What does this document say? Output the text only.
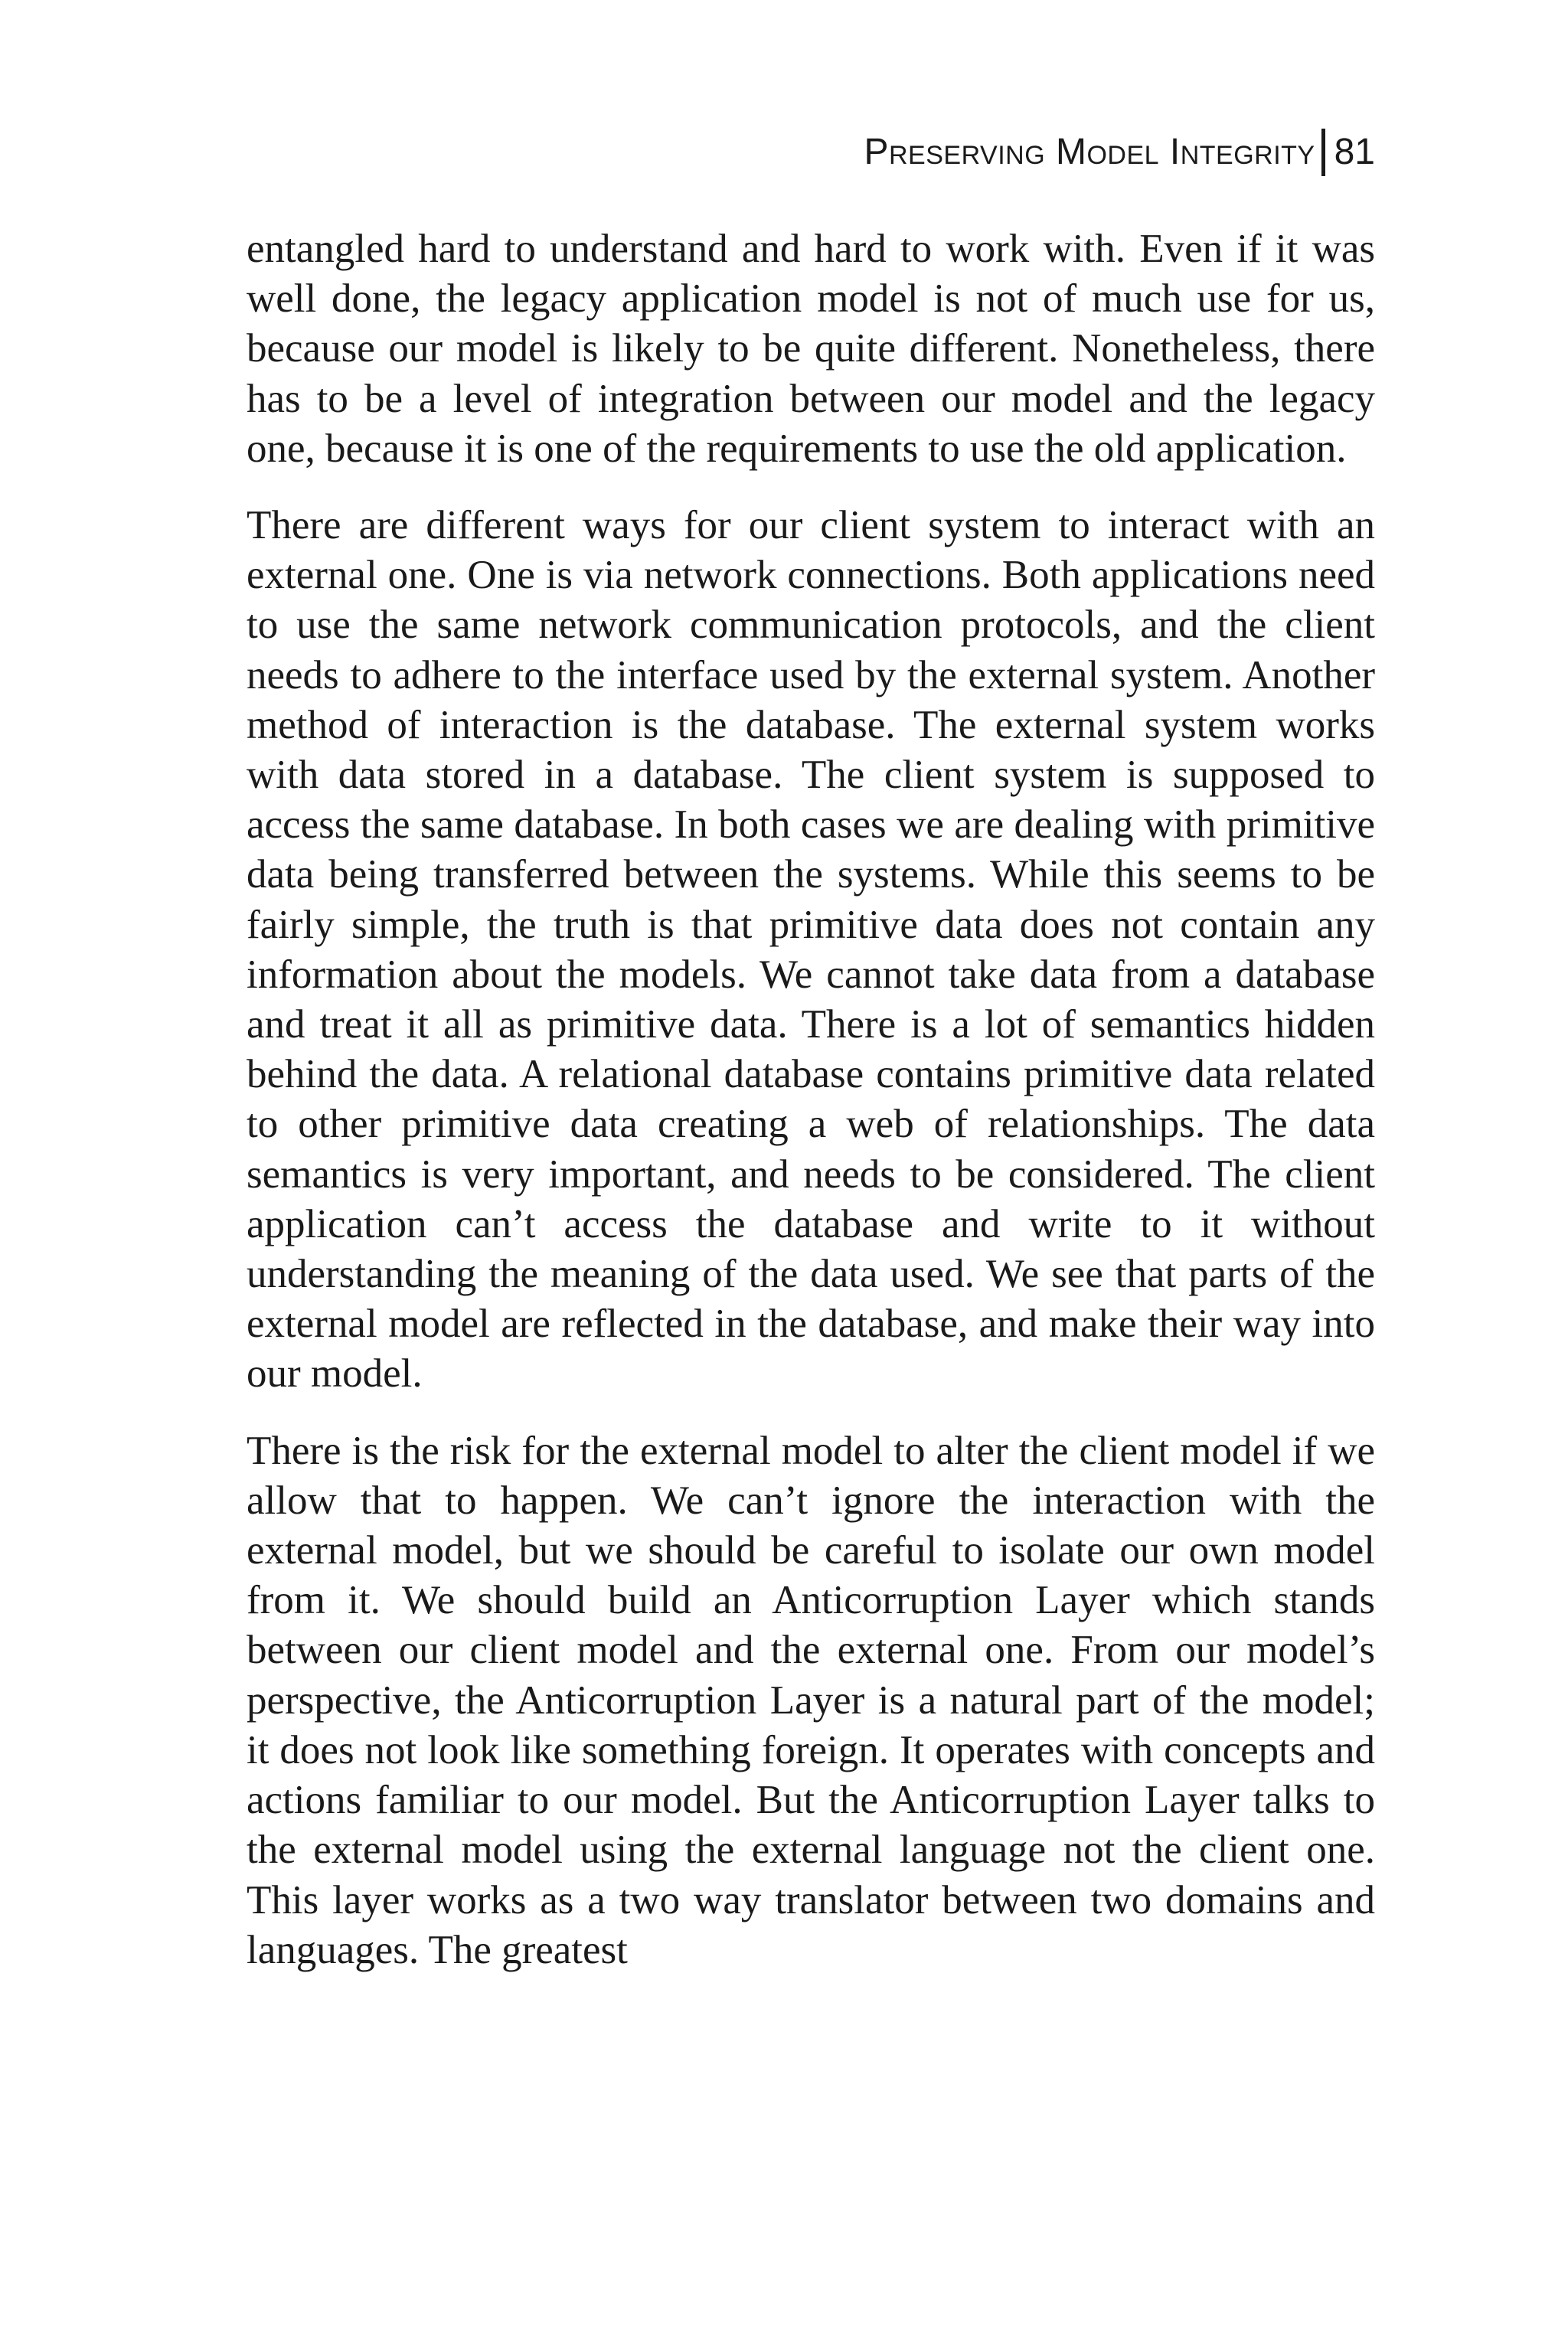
Preserving Model Integrity 81

entangled hard to understand and hard to work with. Even if it was well done, the legacy application model is not of much use for us, because our model is likely to be quite different. Nonetheless, there has to be a level of integration between our model and the legacy one, because it is one of the requirements to use the old application.

There are different ways for our client system to interact with an external one. One is via network connections. Both applications need to use the same network communication protocols, and the client needs to adhere to the interface used by the external system. Another method of interaction is the database. The external system works with data stored in a database. The client system is supposed to access the same database. In both cases we are dealing with primitive data being transferred between the systems. While this seems to be fairly simple, the truth is that primitive data does not contain any information about the models. We cannot take data from a database and treat it all as primitive data. There is a lot of semantics hidden behind the data. A relational database contains primitive data related to other primitive data creating a web of relationships. The data semantics is very important, and needs to be considered. The client application can’t access the database and write to it without understanding the meaning of the data used. We see that parts of the external model are reflected in the database, and make their way into our model.

There is the risk for the external model to alter the client model if we allow that to happen. We can’t ignore the interaction with the external model, but we should be careful to isolate our own model from it. We should build an Anticorruption Layer which stands between our client model and the external one. From our model’s perspective, the Anticorruption Layer is a natural part of the model; it does not look like something foreign. It operates with concepts and actions familiar to our model. But the Anticorruption Layer talks to the external model using the external language not the client one. This layer works as a two way translator between two domains and languages. The greatest
